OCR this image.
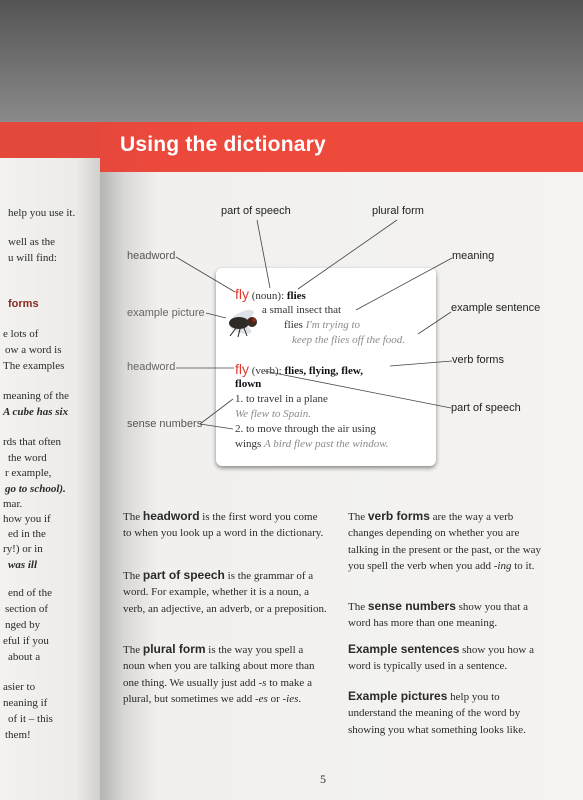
help you use it.
well as the
u will find:
forms
e lots of
ow a word is
The examples
meaning of the
A cube has six
rds that often
the word
r example,
go to school).
mar.
how you if
ed in the
ry!) or in
was ill
end of the
section of
nged by
eful if you
about a
asier to
neaning if
of it – this
them!
Using the dictionary
part of speech	plural form
headword	meaning
example picture	example sentence
headword
verb forms
part of speech
sense numbers
fly (noun): flies
a small insect that
flies I'm trying to
keep the flies off the food.
fly (verb): flies, flying, flew,
flown
1. to travel in a plane
We flew to Spain.
2. to move through the air using
wings A bird flew past the window.
The headword is the first word you come to when you look up a word in the dictionary.
The part of speech is the grammar of a word. For example, whether it is a noun, a verb, an adjective, an adverb, or a preposition.
The plural form is the way you spell a noun when you are talking about more than one thing. We usually just add -s to make a plural, but sometimes we add -es or -ies.
The verb forms are the way a verb changes depending on whether you are talking in the present or the past, or the way you spell the verb when you add -ing to it.
The sense numbers show you that a word has more than one meaning.
Example sentences show you how a word is typically used in a sentence.
Example pictures help you to understand the meaning of the word by showing you what something looks like.
5
